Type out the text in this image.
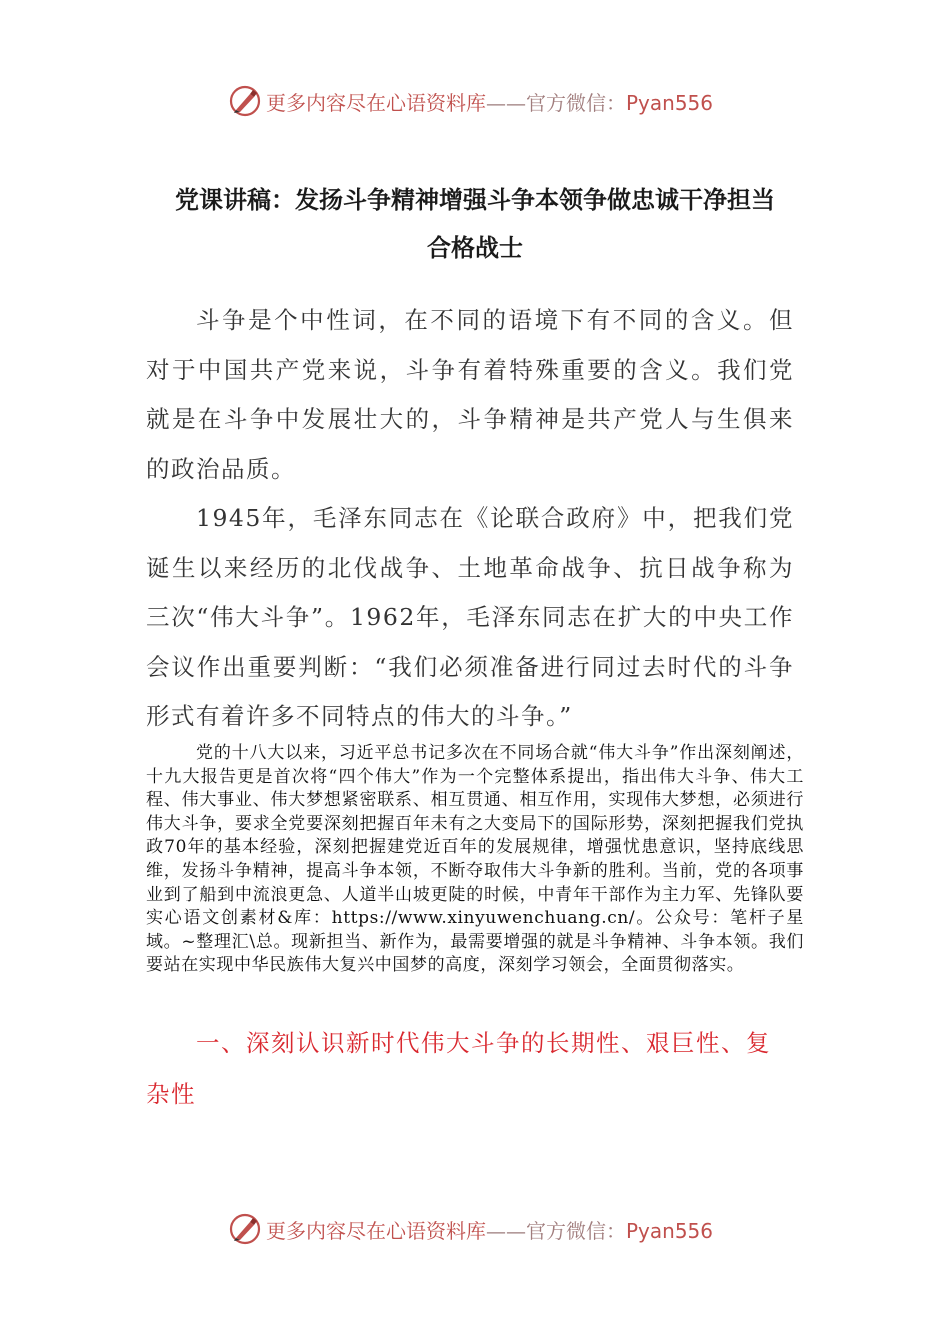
更多内容尽在心语资料库——官方微信：Pyan556
党课讲稿：发扬斗争精神增强斗争本领争做忠诚干净担当
合格战士
斗争是个中性词，在不同的语境下有不同的含义。但对于中国共产党来说，斗争有着特殊重要的含义。我们党就是在斗争中发展壮大的，斗争精神是共产党人与生俱来的政治品质。
1945年，毛泽东同志在《论联合政府》中，把我们党诞生以来经历的北伐战争、土地革命战争、抗日战争称为三次“伟大斗争”。1962年，毛泽东同志在扩大的中央工作会议作出重要判断：“我们必须准备进行同过去时代的斗争形式有着许多不同特点的伟大的斗争。”
党的十八大以来，习近平总书记多次在不同场合就“伟大斗争”作出深刻阐述，十九大报告更是首次将“四个伟大”作为一个完整体系提出，指出伟大斗争、伟大工程、伟大事业、伟大梦想紧密联系、相互贯通、相互作用，实现伟大梦想，必须进行伟大斗争，要求全党要深刻把握百年未有之大变局下的国际形势，深刻把握我们党执政70年的基本经验，深刻把握建党近百年的发展规律，增强忧患意识，坚持底线思维，发扬斗争精神，提高斗争本领，不断夺取伟大斗争新的胜利。当前，党的各项事业到了船到中流浪更急、人道半山坡更陡的时候，中青年干部作为主力军、先锋队要实心语文创素材&库：https://www.xinyuwenchuang.cn/。公众号：笔杆子星域。~整理汇\总。现新担当、新作为，最需要增强的就是斗争精神、斗争本领。我们要站在实现中华民族伟大复兴中国梦的高度，深刻学习领会，全面贯彻落实。
一、深刻认识新时代伟大斗争的长期性、艰巨性、复杂性
更多内容尽在心语资料库——官方微信：Pyan556
